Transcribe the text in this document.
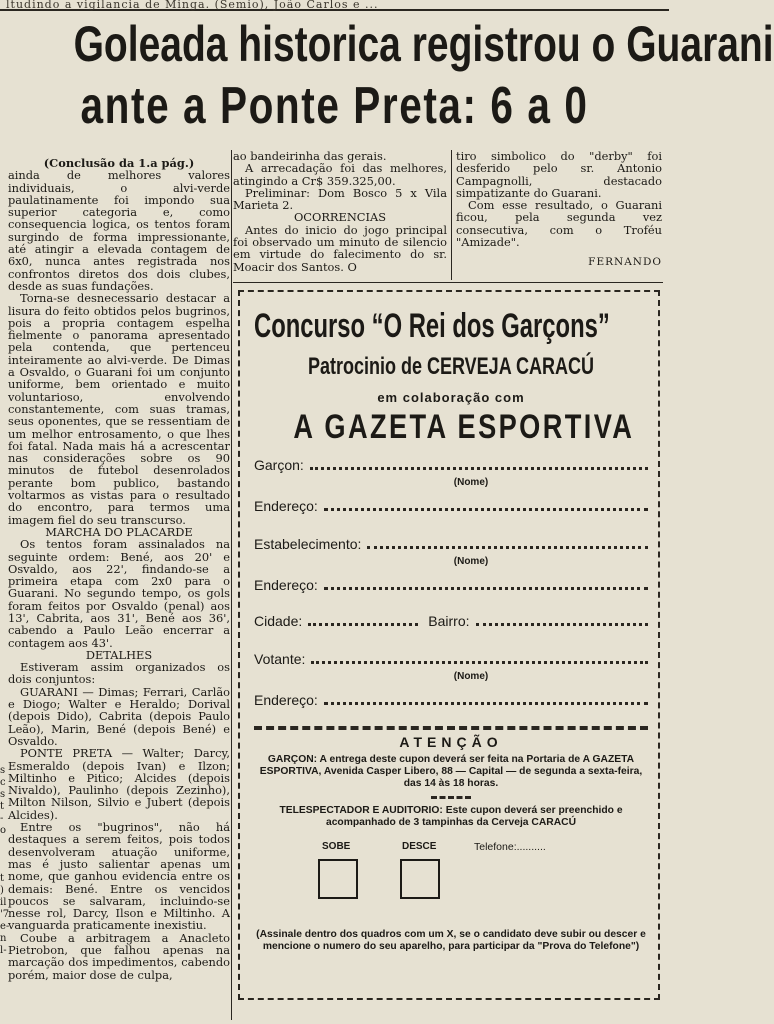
ltudindo a vigilancia de Minga. (Semio), João Carlos e ...
Goleada historica registrou o Guarani
ante a Ponte Preta: 6 a 0
s
c
s
t
-
o

t
)
il
'7
e-
n
l-

(Conclusão da 1.a pág.)

ainda de melhores valores individuais, o alvi-verde paulatinamente foi impondo sua superior categoria e, como consequencia logica, os tentos foram surgindo de forma impressionante, até atingir a elevada contagem de 6x0, nunca antes registrada nos confrontos diretos dos dois clubes, desde as suas fundações.

Torna-se desnecessario destacar a lisura do feito obtidos pelos bugrinos, pois a propria contagem espelha fielmente o panorama apresentado pela contenda, que pertenceu inteiramente ao alvi-verde. De Dimas a Osvaldo, o Guarani foi um conjunto uniforme, bem orientado e muito voluntarioso, envolvendo constantemente, com suas tramas, seus oponentes, que se ressentiam de um melhor entrosamento, o que lhes foi fatal. Nada mais há a acrescentar nas considerações sobre os 90 minutos de futebol desenrolados perante bom publico, bastando voltarmos as vistas para o resultado do encontro, para termos uma imagem fiel do seu transcurso.

MARCHA DO PLACARDE

Os tentos foram assinalados na seguinte ordem: Bené, aos 20' e Osvaldo, aos 22', findando-se a primeira etapa com 2x0 para o Guarani. No segundo tempo, os gols foram feitos por Osvaldo (penal) aos 13', Cabrita, aos 31', Bené aos 36', cabendo a Paulo Leão encerrar a contagem aos 43'.

DETALHES

Estiveram assim organizados os dois conjuntos:

GUARANI — Dimas; Ferrari, Carlão e Diogo; Walter e Heraldo; Dorival (depois Dido), Cabrita (depois Paulo Leão), Marin, Bené (depois Bené) e Osvaldo.

PONTE PRETA — Walter; Darcy, Esmeraldo (depois Ivan) e Ilzon; Miltinho e Pitico; Alcides (depois Nivaldo), Paulinho (depois Zezinho), Milton Nilson, Silvio e Jubert (depois Alcides).

Entre os "bugrinos", não há destaques a serem feitos, pois todos desenvolveram atuação uniforme, mas é justo salientar apenas um nome, que ganhou evidencia entre os demais: Bené. Entre os vencidos poucos se salvaram, incluindo-se nesse rol, Darcy, Ilson e Miltinho. A vanguarda praticamente inexistiu.

Coube a arbitragem a Anacleto Pietrobon, que falhou apenas na marcação dos impedimentos, cabendo porém, maior dose de culpa,

ao bandeirinha das gerais.

A arrecadação foi das melhores, atingindo a Cr$ 359.325,00.

Preliminar: Dom Bosco 5 x Vila Marieta 2.

OCORRENCIAS

Antes do inicio do jogo principal foi observado um minuto de silencio em virtude do falecimento do sr. Moacir dos Santos. O

tiro simbolico do "derby" foi desferido pelo sr. Antonio Campagnolli, destacado simpatizante do Guarani.

Com esse resultado, o Guarani ficou, pela segunda vez consecutiva, com o Troféu "Amizade".

FERNANDO
Concurso “O Rei dos Garçons”
Patrocinio de CERVEJA CARACÚ
em colaboração com
A GAZETA ESPORTIVA
Garçon:
(Nome)
Endereço:
Estabelecimento:
(Nome)
Endereço:
Cidade:	Bairro:
Votante:
(Nome)
Endereço:
ATENÇÃO
GARÇON: A entrega deste cupon deverá ser feita na Portaria de A GAZETA ESPORTIVA, Avenida Casper Libero, 88 — Capital — de segunda a sexta-feira, das 14 às 18 horas.
TELESPECTADOR E AUDITORIO: Este cupon deverá ser preenchido e acompanhado de 3 tampinhas da Cerveja CARACÚ
SOBE	DESCE	Telefone:..........
(Assinale dentro dos quadros com um X, se o candidato deve subir ou descer e mencione o numero do seu aparelho, para participar da "Prova do Telefone")
